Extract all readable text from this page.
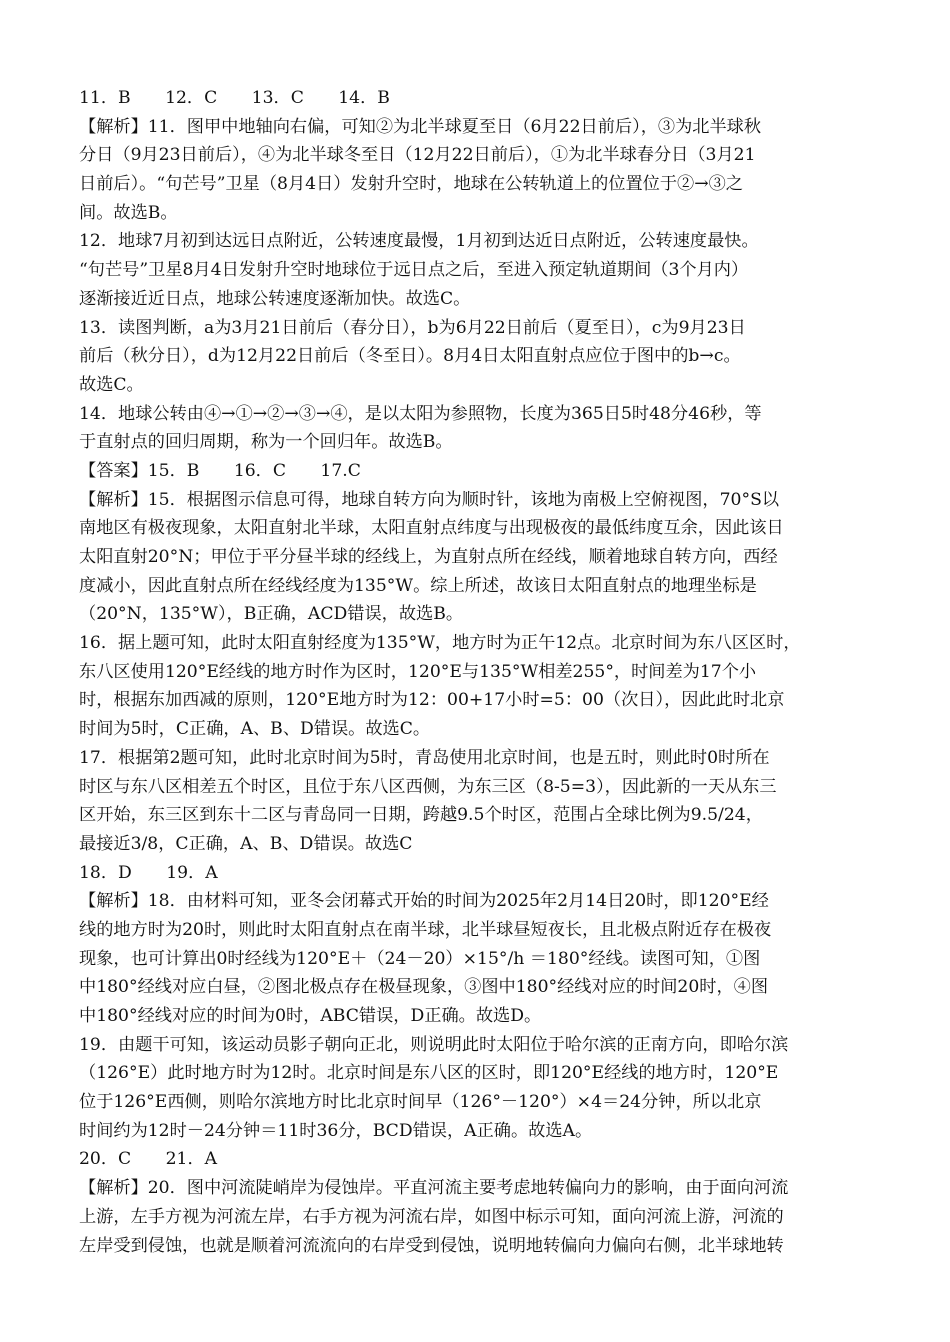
11．B　　12．C　　13．C　　14．B
【解析】11．图甲中地轴向右偏，可知②为北半球夏至日（6月22日前后），③为北半球秋
分日（9月23日前后），④为北半球冬至日（12月22日前后），①为北半球春分日（3月21
日前后）。“句芒号”卫星（8月4日）发射升空时，地球在公转轨道上的位置位于②→③之
间。故选B。
12．地球7月初到达远日点附近，公转速度最慢，1月初到达近日点附近，公转速度最快。
“句芒号”卫星8月4日发射升空时地球位于远日点之后，至进入预定轨道期间（3个月内）
逐渐接近近日点，地球公转速度逐渐加快。故选C。
13．读图判断，a为3月21日前后（春分日），b为6月22日前后（夏至日），c为9月23日
前后（秋分日），d为12月22日前后（冬至日）。8月4日太阳直射点应位于图中的b→c。
故选C。
14．地球公转由④→①→②→③→④，是以太阳为参照物，长度为365日5时48分46秒，等
于直射点的回归周期，称为一个回归年。故选B。
【答案】15．B　　16．C　　17.C
【解析】15．根据图示信息可得，地球自转方向为顺时针，该地为南极上空俯视图，70°S以
南地区有极夜现象，太阳直射北半球，太阳直射点纬度与出现极夜的最低纬度互余，因此该日
太阳直射20°N；甲位于平分昼半球的经线上，为直射点所在经线，顺着地球自转方向，西经
度减小，因此直射点所在经线经度为135°W。综上所述，故该日太阳直射点的地理坐标是
（20°N，135°W），B正确，ACD错误，故选B。
16．据上题可知，此时太阳直射经度为135°W，地方时为正午12点。北京时间为东八区区时，
东八区使用120°E经线的地方时作为区时，120°E与135°W相差255°，时间差为17个小
时，根据东加西减的原则，120°E地方时为12：00+17小时=5：00（次日），因此此时北京
时间为5时，C正确，A、B、D错误。故选C。
17．根据第2题可知，此时北京时间为5时，青岛使用北京时间，也是五时，则此时0时所在
时区与东八区相差五个时区，且位于东八区西侧，为东三区（8-5=3），因此新的一天从东三
区开始，东三区到东十二区与青岛同一日期，跨越9.5个时区，范围占全球比例为9.5/24，
最接近3/8，C正确，A、B、D错误。故选C
18．D　　19．A
【解析】18．由材料可知，亚冬会闭幕式开始的时间为2025年2月14日20时，即120°E经
线的地方时为20时，则此时太阳直射点在南半球，北半球昼短夜长，且北极点附近存在极夜
现象，也可计算出0时经线为120°E＋（24－20）×15°/h ＝180°经线。读图可知，①图
中180°经线对应白昼，②图北极点存在极昼现象，③图中180°经线对应的时间20时，④图
中180°经线对应的时间为0时，ABC错误，D正确。故选D。
19．由题干可知，该运动员影子朝向正北，则说明此时太阳位于哈尔滨的正南方向，即哈尔滨
（126°E）此时地方时为12时。北京时间是东八区的区时，即120°E经线的地方时，120°E
位于126°E西侧，则哈尔滨地方时比北京时间早（126°－120°）×4＝24分钟，所以北京
时间约为12时－24分钟＝11时36分，BCD错误，A正确。故选A。
20．C　　21．A
【解析】20．图中河流陡峭岸为侵蚀岸。平直河流主要考虑地转偏向力的影响，由于面向河流
上游，左手方视为河流左岸，右手方视为河流右岸，如图中标示可知，面向河流上游，河流的
左岸受到侵蚀，也就是顺着河流流向的右岸受到侵蚀，说明地转偏向力偏向右侧，北半球地转
